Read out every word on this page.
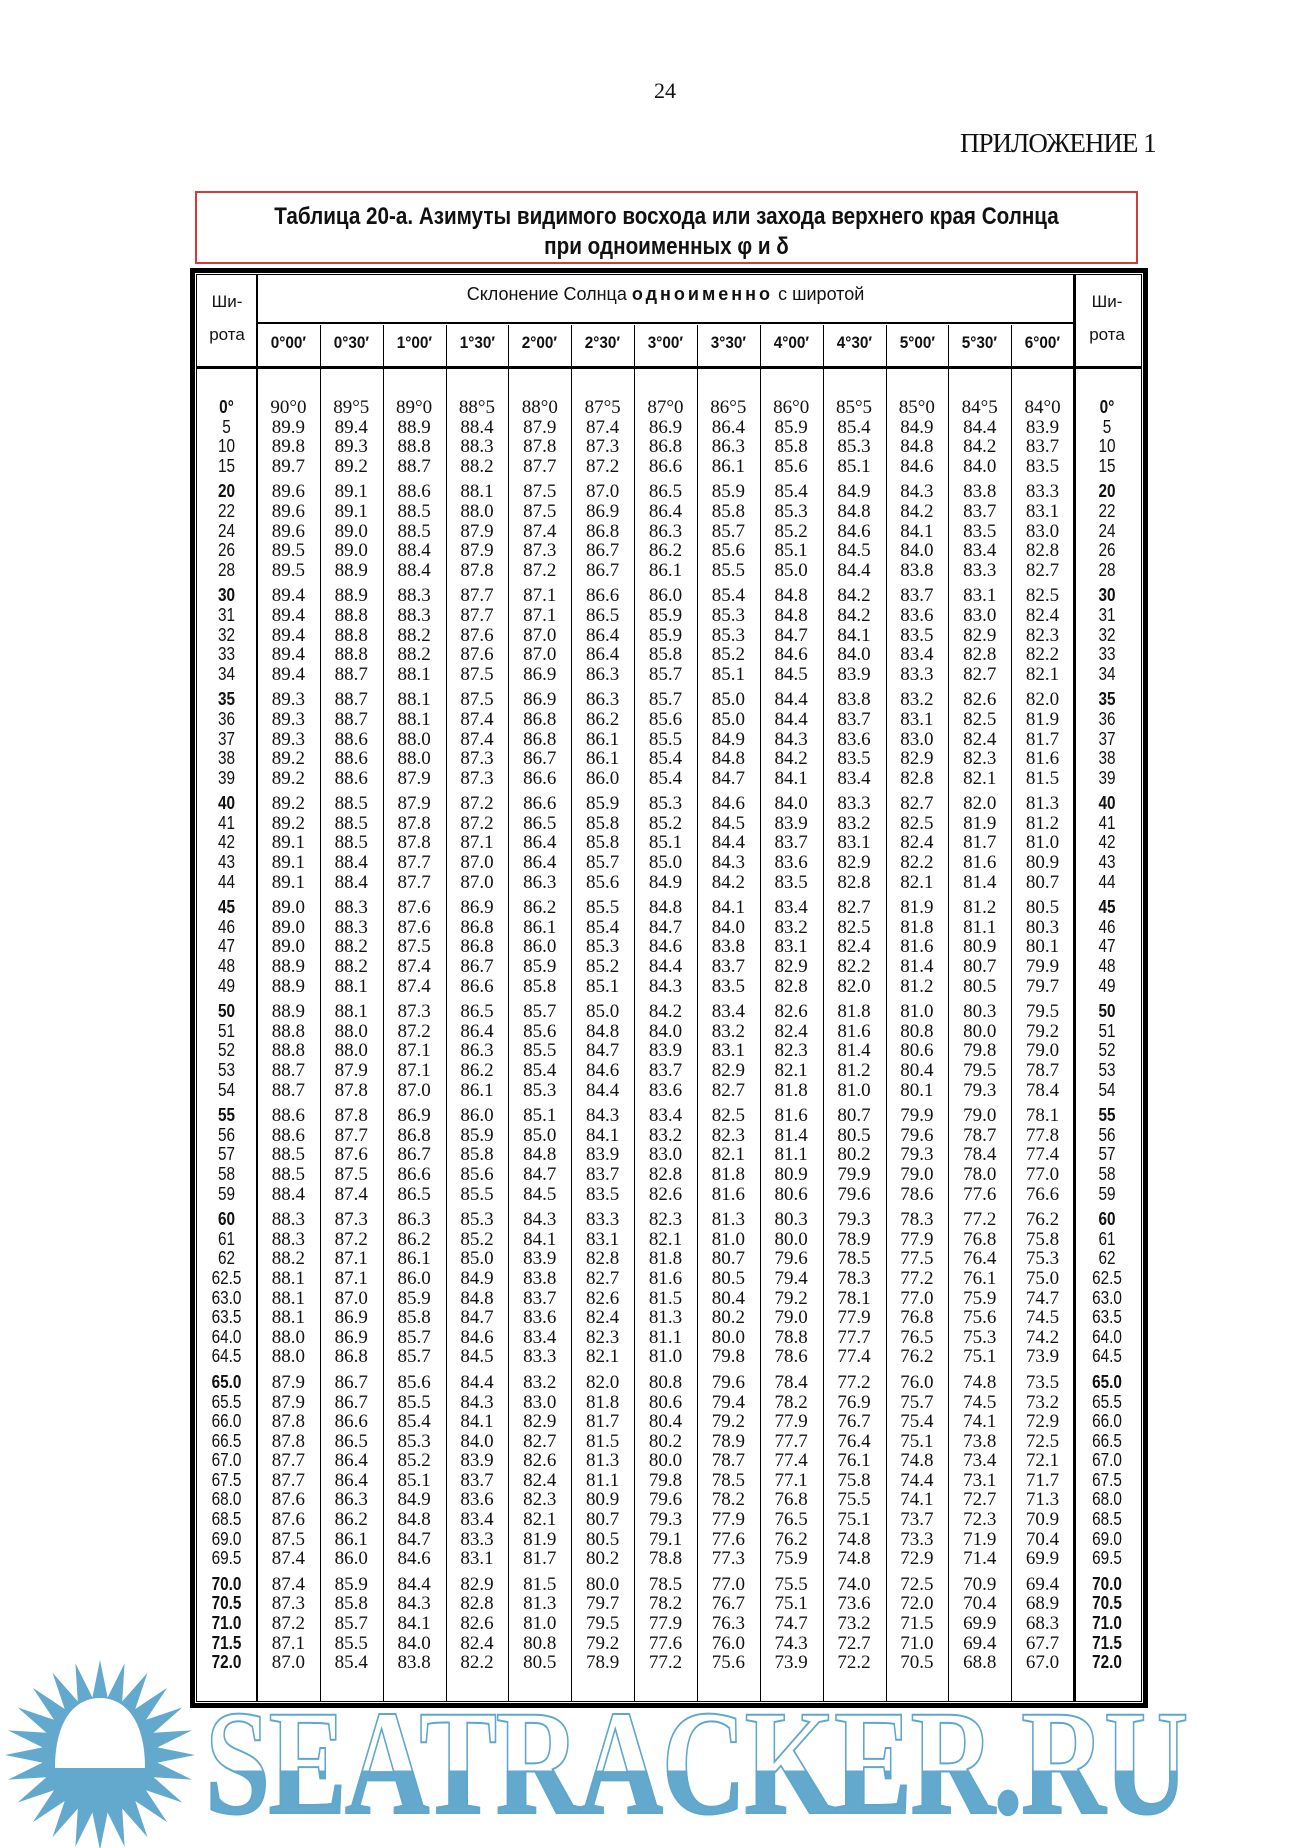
24
ПРИЛОЖЕНИЕ 1
Таблица 20-а. Азимуты видимого восхода или захода верхнего края Солнца
при одноименных φ и δ
Ши-
рота
Ши-
рота
Склонение Солнца одноименно с широтой
0°00′	0°30′	1°00′	1°30′	2°00′	2°30′	3°00′	3°30′	4°00′	4°30′	5°00′	5°30′	6°00′
0°	90°0	89°5	89°0	88°5	88°0	87°5	87°0	86°5	86°0	85°5	85°0	84°5	84°0	0°
5	89.9	89.4	88.9	88.4	87.9	87.4	86.9	86.4	85.9	85.4	84.9	84.4	83.9	5
10	89.8	89.3	88.8	88.3	87.8	87.3	86.8	86.3	85.8	85.3	84.8	84.2	83.7	10
15	89.7	89.2	88.7	88.2	87.7	87.2	86.6	86.1	85.6	85.1	84.6	84.0	83.5	15
20	89.6	89.1	88.6	88.1	87.5	87.0	86.5	85.9	85.4	84.9	84.3	83.8	83.3	20
22	89.6	89.1	88.5	88.0	87.5	86.9	86.4	85.8	85.3	84.8	84.2	83.7	83.1	22
24	89.6	89.0	88.5	87.9	87.4	86.8	86.3	85.7	85.2	84.6	84.1	83.5	83.0	24
26	89.5	89.0	88.4	87.9	87.3	86.7	86.2	85.6	85.1	84.5	84.0	83.4	82.8	26
28	89.5	88.9	88.4	87.8	87.2	86.7	86.1	85.5	85.0	84.4	83.8	83.3	82.7	28
30	89.4	88.9	88.3	87.7	87.1	86.6	86.0	85.4	84.8	84.2	83.7	83.1	82.5	30
31	89.4	88.8	88.3	87.7	87.1	86.5	85.9	85.3	84.8	84.2	83.6	83.0	82.4	31
32	89.4	88.8	88.2	87.6	87.0	86.4	85.9	85.3	84.7	84.1	83.5	82.9	82.3	32
33	89.4	88.8	88.2	87.6	87.0	86.4	85.8	85.2	84.6	84.0	83.4	82.8	82.2	33
34	89.4	88.7	88.1	87.5	86.9	86.3	85.7	85.1	84.5	83.9	83.3	82.7	82.1	34
35	89.3	88.7	88.1	87.5	86.9	86.3	85.7	85.0	84.4	83.8	83.2	82.6	82.0	35
36	89.3	88.7	88.1	87.4	86.8	86.2	85.6	85.0	84.4	83.7	83.1	82.5	81.9	36
37	89.3	88.6	88.0	87.4	86.8	86.1	85.5	84.9	84.3	83.6	83.0	82.4	81.7	37
38	89.2	88.6	88.0	87.3	86.7	86.1	85.4	84.8	84.2	83.5	82.9	82.3	81.6	38
39	89.2	88.6	87.9	87.3	86.6	86.0	85.4	84.7	84.1	83.4	82.8	82.1	81.5	39
40	89.2	88.5	87.9	87.2	86.6	85.9	85.3	84.6	84.0	83.3	82.7	82.0	81.3	40
41	89.2	88.5	87.8	87.2	86.5	85.8	85.2	84.5	83.9	83.2	82.5	81.9	81.2	41
42	89.1	88.5	87.8	87.1	86.4	85.8	85.1	84.4	83.7	83.1	82.4	81.7	81.0	42
43	89.1	88.4	87.7	87.0	86.4	85.7	85.0	84.3	83.6	82.9	82.2	81.6	80.9	43
44	89.1	88.4	87.7	87.0	86.3	85.6	84.9	84.2	83.5	82.8	82.1	81.4	80.7	44
45	89.0	88.3	87.6	86.9	86.2	85.5	84.8	84.1	83.4	82.7	81.9	81.2	80.5	45
46	89.0	88.3	87.6	86.8	86.1	85.4	84.7	84.0	83.2	82.5	81.8	81.1	80.3	46
47	89.0	88.2	87.5	86.8	86.0	85.3	84.6	83.8	83.1	82.4	81.6	80.9	80.1	47
48	88.9	88.2	87.4	86.7	85.9	85.2	84.4	83.7	82.9	82.2	81.4	80.7	79.9	48
49	88.9	88.1	87.4	86.6	85.8	85.1	84.3	83.5	82.8	82.0	81.2	80.5	79.7	49
50	88.9	88.1	87.3	86.5	85.7	85.0	84.2	83.4	82.6	81.8	81.0	80.3	79.5	50
51	88.8	88.0	87.2	86.4	85.6	84.8	84.0	83.2	82.4	81.6	80.8	80.0	79.2	51
52	88.8	88.0	87.1	86.3	85.5	84.7	83.9	83.1	82.3	81.4	80.6	79.8	79.0	52
53	88.7	87.9	87.1	86.2	85.4	84.6	83.7	82.9	82.1	81.2	80.4	79.5	78.7	53
54	88.7	87.8	87.0	86.1	85.3	84.4	83.6	82.7	81.8	81.0	80.1	79.3	78.4	54
55	88.6	87.8	86.9	86.0	85.1	84.3	83.4	82.5	81.6	80.7	79.9	79.0	78.1	55
56	88.6	87.7	86.8	85.9	85.0	84.1	83.2	82.3	81.4	80.5	79.6	78.7	77.8	56
57	88.5	87.6	86.7	85.8	84.8	83.9	83.0	82.1	81.1	80.2	79.3	78.4	77.4	57
58	88.5	87.5	86.6	85.6	84.7	83.7	82.8	81.8	80.9	79.9	79.0	78.0	77.0	58
59	88.4	87.4	86.5	85.5	84.5	83.5	82.6	81.6	80.6	79.6	78.6	77.6	76.6	59
60	88.3	87.3	86.3	85.3	84.3	83.3	82.3	81.3	80.3	79.3	78.3	77.2	76.2	60
61	88.3	87.2	86.2	85.2	84.1	83.1	82.1	81.0	80.0	78.9	77.9	76.8	75.8	61
62	88.2	87.1	86.1	85.0	83.9	82.8	81.8	80.7	79.6	78.5	77.5	76.4	75.3	62
62.5	88.1	87.1	86.0	84.9	83.8	82.7	81.6	80.5	79.4	78.3	77.2	76.1	75.0	62.5
63.0	88.1	87.0	85.9	84.8	83.7	82.6	81.5	80.4	79.2	78.1	77.0	75.9	74.7	63.0
63.5	88.1	86.9	85.8	84.7	83.6	82.4	81.3	80.2	79.0	77.9	76.8	75.6	74.5	63.5
64.0	88.0	86.9	85.7	84.6	83.4	82.3	81.1	80.0	78.8	77.7	76.5	75.3	74.2	64.0
64.5	88.0	86.8	85.7	84.5	83.3	82.1	81.0	79.8	78.6	77.4	76.2	75.1	73.9	64.5
65.0	87.9	86.7	85.6	84.4	83.2	82.0	80.8	79.6	78.4	77.2	76.0	74.8	73.5	65.0
65.5	87.9	86.7	85.5	84.3	83.0	81.8	80.6	79.4	78.2	76.9	75.7	74.5	73.2	65.5
66.0	87.8	86.6	85.4	84.1	82.9	81.7	80.4	79.2	77.9	76.7	75.4	74.1	72.9	66.0
66.5	87.8	86.5	85.3	84.0	82.7	81.5	80.2	78.9	77.7	76.4	75.1	73.8	72.5	66.5
67.0	87.7	86.4	85.2	83.9	82.6	81.3	80.0	78.7	77.4	76.1	74.8	73.4	72.1	67.0
67.5	87.7	86.4	85.1	83.7	82.4	81.1	79.8	78.5	77.1	75.8	74.4	73.1	71.7	67.5
68.0	87.6	86.3	84.9	83.6	82.3	80.9	79.6	78.2	76.8	75.5	74.1	72.7	71.3	68.0
68.5	87.6	86.2	84.8	83.4	82.1	80.7	79.3	77.9	76.5	75.1	73.7	72.3	70.9	68.5
69.0	87.5	86.1	84.7	83.3	81.9	80.5	79.1	77.6	76.2	74.8	73.3	71.9	70.4	69.0
69.5	87.4	86.0	84.6	83.1	81.7	80.2	78.8	77.3	75.9	74.8	72.9	71.4	69.9	69.5
70.0	87.4	85.9	84.4	82.9	81.5	80.0	78.5	77.0	75.5	74.0	72.5	70.9	69.4	70.0
70.5	87.3	85.8	84.3	82.8	81.3	79.7	78.2	76.7	75.1	73.6	72.0	70.4	68.9	70.5
71.0	87.2	85.7	84.1	82.6	81.0	79.5	77.9	76.3	74.7	73.2	71.5	69.9	68.3	71.0
71.5	87.1	85.5	84.0	82.4	80.8	79.2	77.6	76.0	74.3	72.7	71.0	69.4	67.7	71.5
72.0	87.0	85.4	83.8	82.2	80.5	78.9	77.2	75.6	73.9	72.2	70.5	68.8	67.0	72.0
SEATRACKER.RU
